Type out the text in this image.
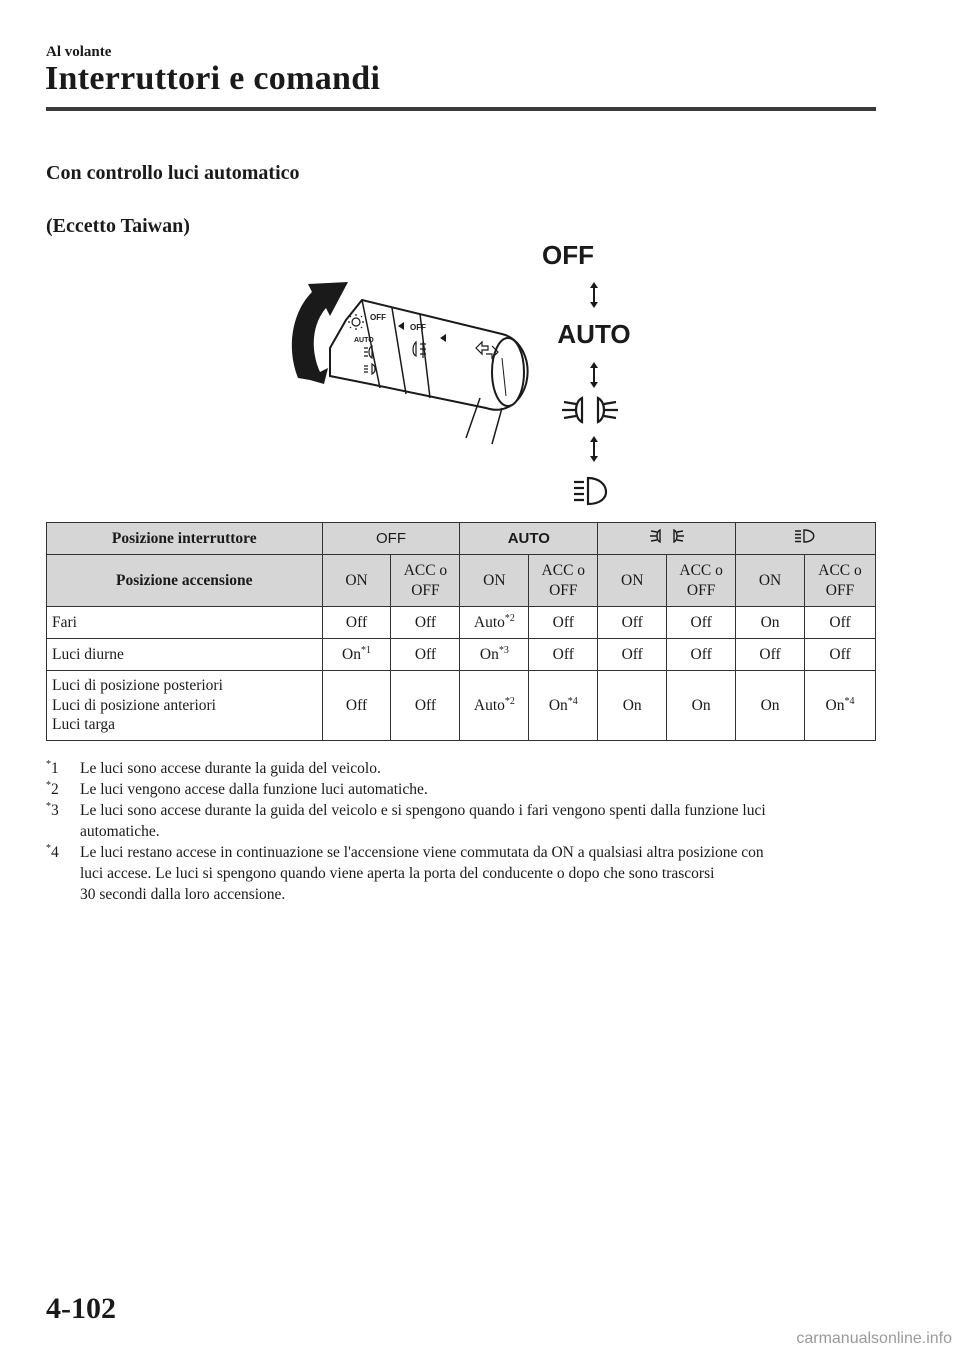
Al volante
Interruttori e comandi
Con controllo luci automatico
(Eccetto Taiwan)
OFF
AUTO
OFF
OFF
AUTO
Posizione interruttore	OFF		AUTO		
Posizione accensione	ON	ACC o OFF	ON	ACC o OFF	ON	ACC o OFF	ON	ACC o OFF
Fari	Off	Off	Auto$^{*2}$	Off	Off	Off	On	Off
Luci diurne	On$^{*1}$	Off	On$^{*3}$	Off	Off	Off	Off	Off

Luci di posizione posteriori
Luci di posizione anteriori
Luci targa	Off	Off	Auto$^{*2}$	On$^{*4}$	On	On	On	On$^{*4}$
*1 Le luci sono accese durante la guida del veicolo.
*2 Le luci vengono accese dalla funzione luci automatiche.
*3 Le luci sono accese durante la guida del veicolo e si spengono quando i fari vengono spenti dalla funzione luci
automatiche.
*4 Le luci restano accese in continuazione se l'accensione viene commutata da ON a qualsiasi altra posizione con
luci accese. Le luci si spengono quando viene aperta la porta del conducente o dopo che sono trascorsi
30 secondi dalla loro accensione.
4-102
carmanualsonline.info
